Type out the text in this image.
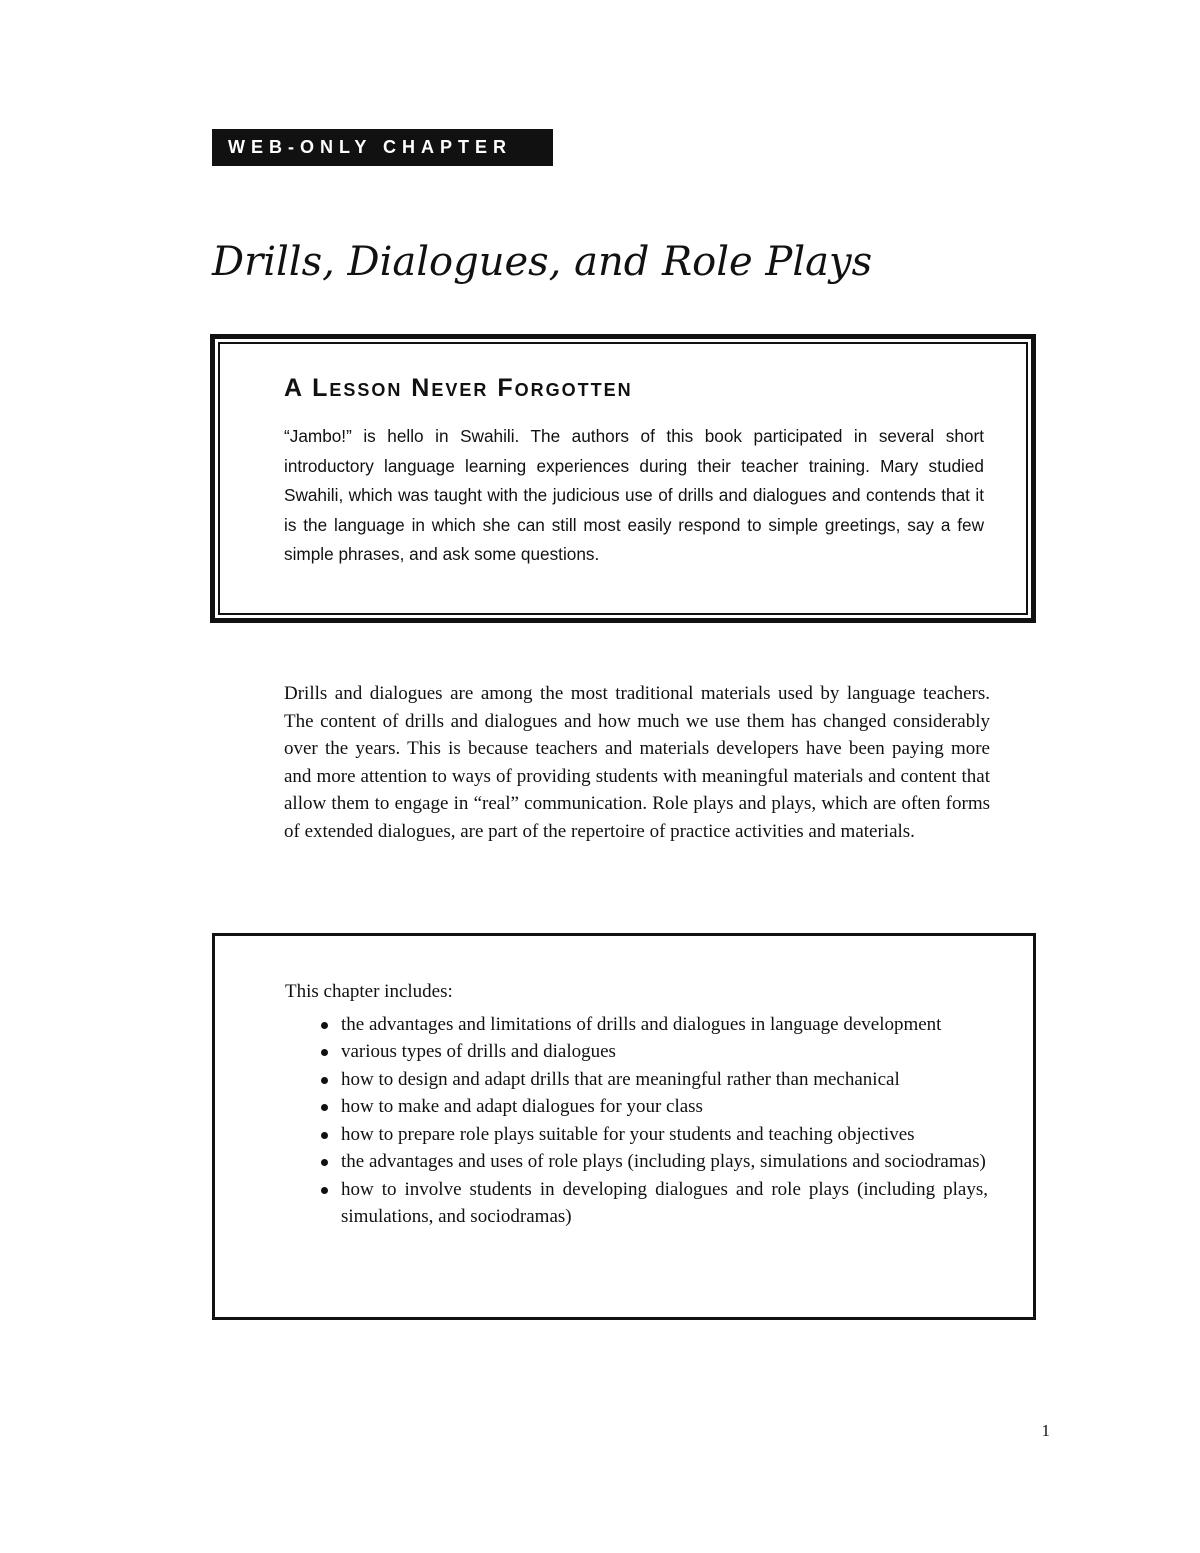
WEB-ONLY CHAPTER
Drills, Dialogues, and Role Plays
A Lesson Never Forgotten

“Jambo!” is hello in Swahili. The authors of this book participated in several short introductory language learning experiences during their teacher training. Mary studied Swahili, which was taught with the judicious use of drills and dialogues and contends that it is the language in which she can still most easily respond to simple greetings, say a few simple phrases, and ask some questions.

Drills and dialogues are among the most traditional materials used by language teachers. The content of drills and dialogues and how much we use them has changed considerably over the years. This is because teachers and materials developers have been paying more and more attention to ways of providing students with meaningful materials and content that allow them to engage in “real” communication. Role plays and plays, which are often forms of extended dialogues, are part of the repertoire of practice activities and materials.

This chapter includes:

the advantages and limitations of drills and dialogues in language development
various types of drills and dialogues
how to design and adapt drills that are meaningful rather than mechanical
how to make and adapt dialogues for your class
how to prepare role plays suitable for your students and teaching objectives
the advantages and uses of role plays (including plays, simulations and sociodramas)
how to involve students in developing dialogues and role plays (including plays, simulations, and sociodramas)
1
